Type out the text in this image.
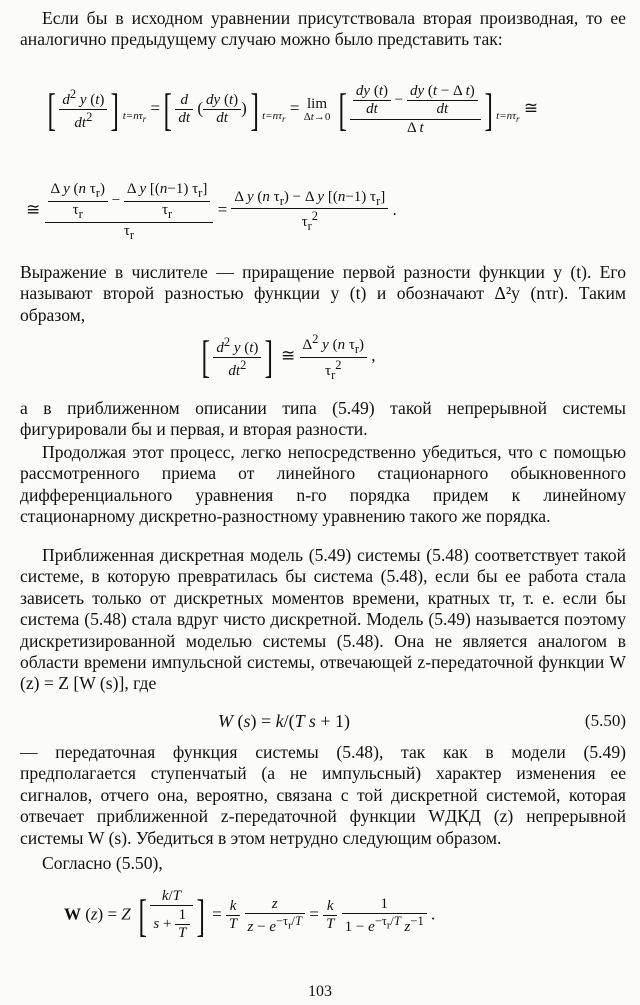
Если бы в исходном уравнении присутствовала вторая производная, то ее аналогично предыдущему случаю можно было представить так:
[ $\frac{d^2 y (t)}{dt^2}$ ] $_{t=n\tau_r}$ =[ $\frac{d}{dt}$ ( $\frac{dy (t)}{dt}$ )] $_{t=n\tau_r}$ = lim
Δt→0 [ $\frac{\frac{dy (t)}{dt} - \frac{\text{dy (t − Δ t)}}{dt}}{\text{Δ t}}$ ] $_{t=n\tau_r}$ ≅
≅ $\frac{\frac{\Delta y (n \tau_r)}{\tau_r} - \frac{\Delta y [(n-1) \tau_r]}{\tau_r}}{\tau_r} = \frac{\Delta y (n \tau_r) - \Delta y [(n-1) \tau_r]}{\tau_r^2}$ .
Выражение в числителе — приращение первой разности функции y (t). Его называют второй разностью функции y (t) и обозначают Δ²y (nτr). Таким образом,
[ $\frac{d^2 y (t)}{dt^2}$ ] ≅ $\frac{\Delta^2 y (n \tau_r)}{\tau_r^2}$ ,
а в приближенном описании типа (5.49) такой непрерывной системы фигурировали бы и первая, и вторая разности.
Продолжая этот процесс, легко непосредственно убедиться, что с помощью рассмотренного приема от линейного стационарного обыкновенного дифференциального уравнения n-го порядка придем к линейному стационарному дискретно-разностному уравнению такого же порядка.
Приближенная дискретная модель (5.49) системы (5.48) соответствует такой системе, в которую превратилась бы система (5.48), если бы ее работа стала зависеть только от дискретных моментов времени, кратных τr, т. е. если бы система (5.48) стала вдруг чисто дискретной. Модель (5.49) называется поэтому дискретизированной моделью системы (5.48). Она не является аналогом в области времени импульсной системы, отвечающей z-передаточной функции W (z) = Z [W (s)], где
W (s) = k/(T s + 1)	(5.50)
— передаточная функция системы (5.48), так как в модели (5.49) предполагается ступенчатый (а не импульсный) характер изменения ее сигналов, отчего она, вероятно, связана с той дискретной системой, которая отвечает приближенной z-передаточной функции WДКД (z) непрерывной системы W (s). Убедиться в этом нетрудно следующим образом.
Согласно (5.50),
W (z) = Z [ $\frac{k/T}{s + \frac{1}{T}}$ ] = $\frac{k}{T}$
$\frac{z}{z - e^{-\tau_r/T}} = \frac{k}{T}$
$\frac{1}{1 - e^{-\tau_r/T} z^{-1}}$ .
103
